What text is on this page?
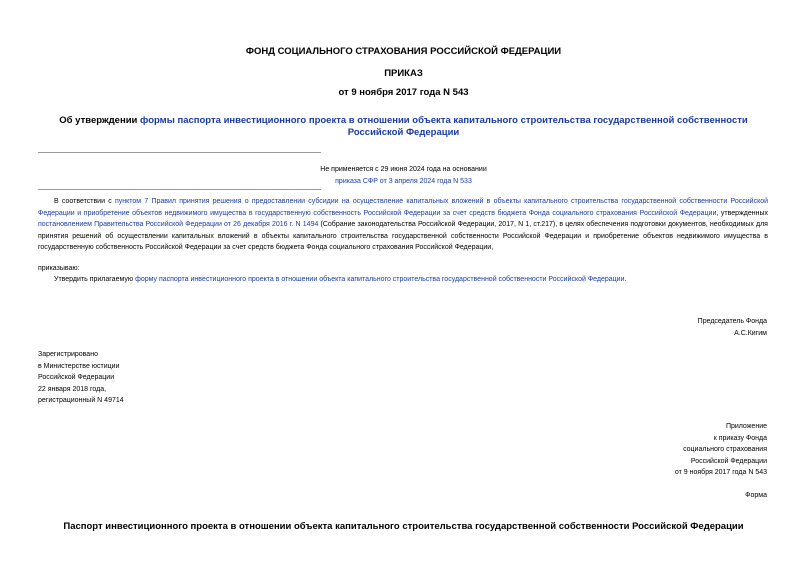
ФОНД СОЦИАЛЬНОГО СТРАХОВАНИЯ РОССИЙСКОЙ ФЕДЕРАЦИИ
ПРИКАЗ
от 9 ноября 2017 года N 543
Об утверждении формы паспорта инвестиционного проекта в отношении объекта капитального строительства государственной собственности Российской Федерации
Не применяется с 29 июня 2024 года на основании
приказа СФР от 3 апреля 2024 года N 533
В соответствии с пунктом 7 Правил принятия решения о предоставлении субсидии на осуществление капитальных вложений в объекты капитального строительства государственной собственности Российской Федерации и приобретение объектов недвижимого имущества в государственную собственность Российской Федерации за счет средств бюджета Фонда социального страхования Российской Федерации, утвержденных постановлением Правительства Российской Федерации от 26 декабря 2016 г. N 1494 (Собрание законодательства Российской Федерации, 2017, N 1, ст.217), в целях обеспечения подготовки документов, необходимых для принятия решений об осуществлении капитальных вложений в объекты капитального строительства государственной собственности Российской Федерации и приобретение объектов недвижимого имущества в государственную собственность Российской Федерации за счет средств бюджета Фонда социального страхования Российской Федерации,
приказываю:
Утвердить прилагаемую форму паспорта инвестиционного проекта в отношении объекта капитального строительства государственной собственности Российской Федерации.
Председатель Фонда
А.С.Кигим
Зарегистрировано
в Министерстве юстиции
Российской Федерации
22 января 2018 года,
регистрационный N 49714
Приложение
к приказу Фонда
социального страхования
Российской Федерации
от 9 ноября 2017 года N 543
Форма
Паспорт инвестиционного проекта в отношении объекта капитального строительства государственной собственности Российской Федерации
